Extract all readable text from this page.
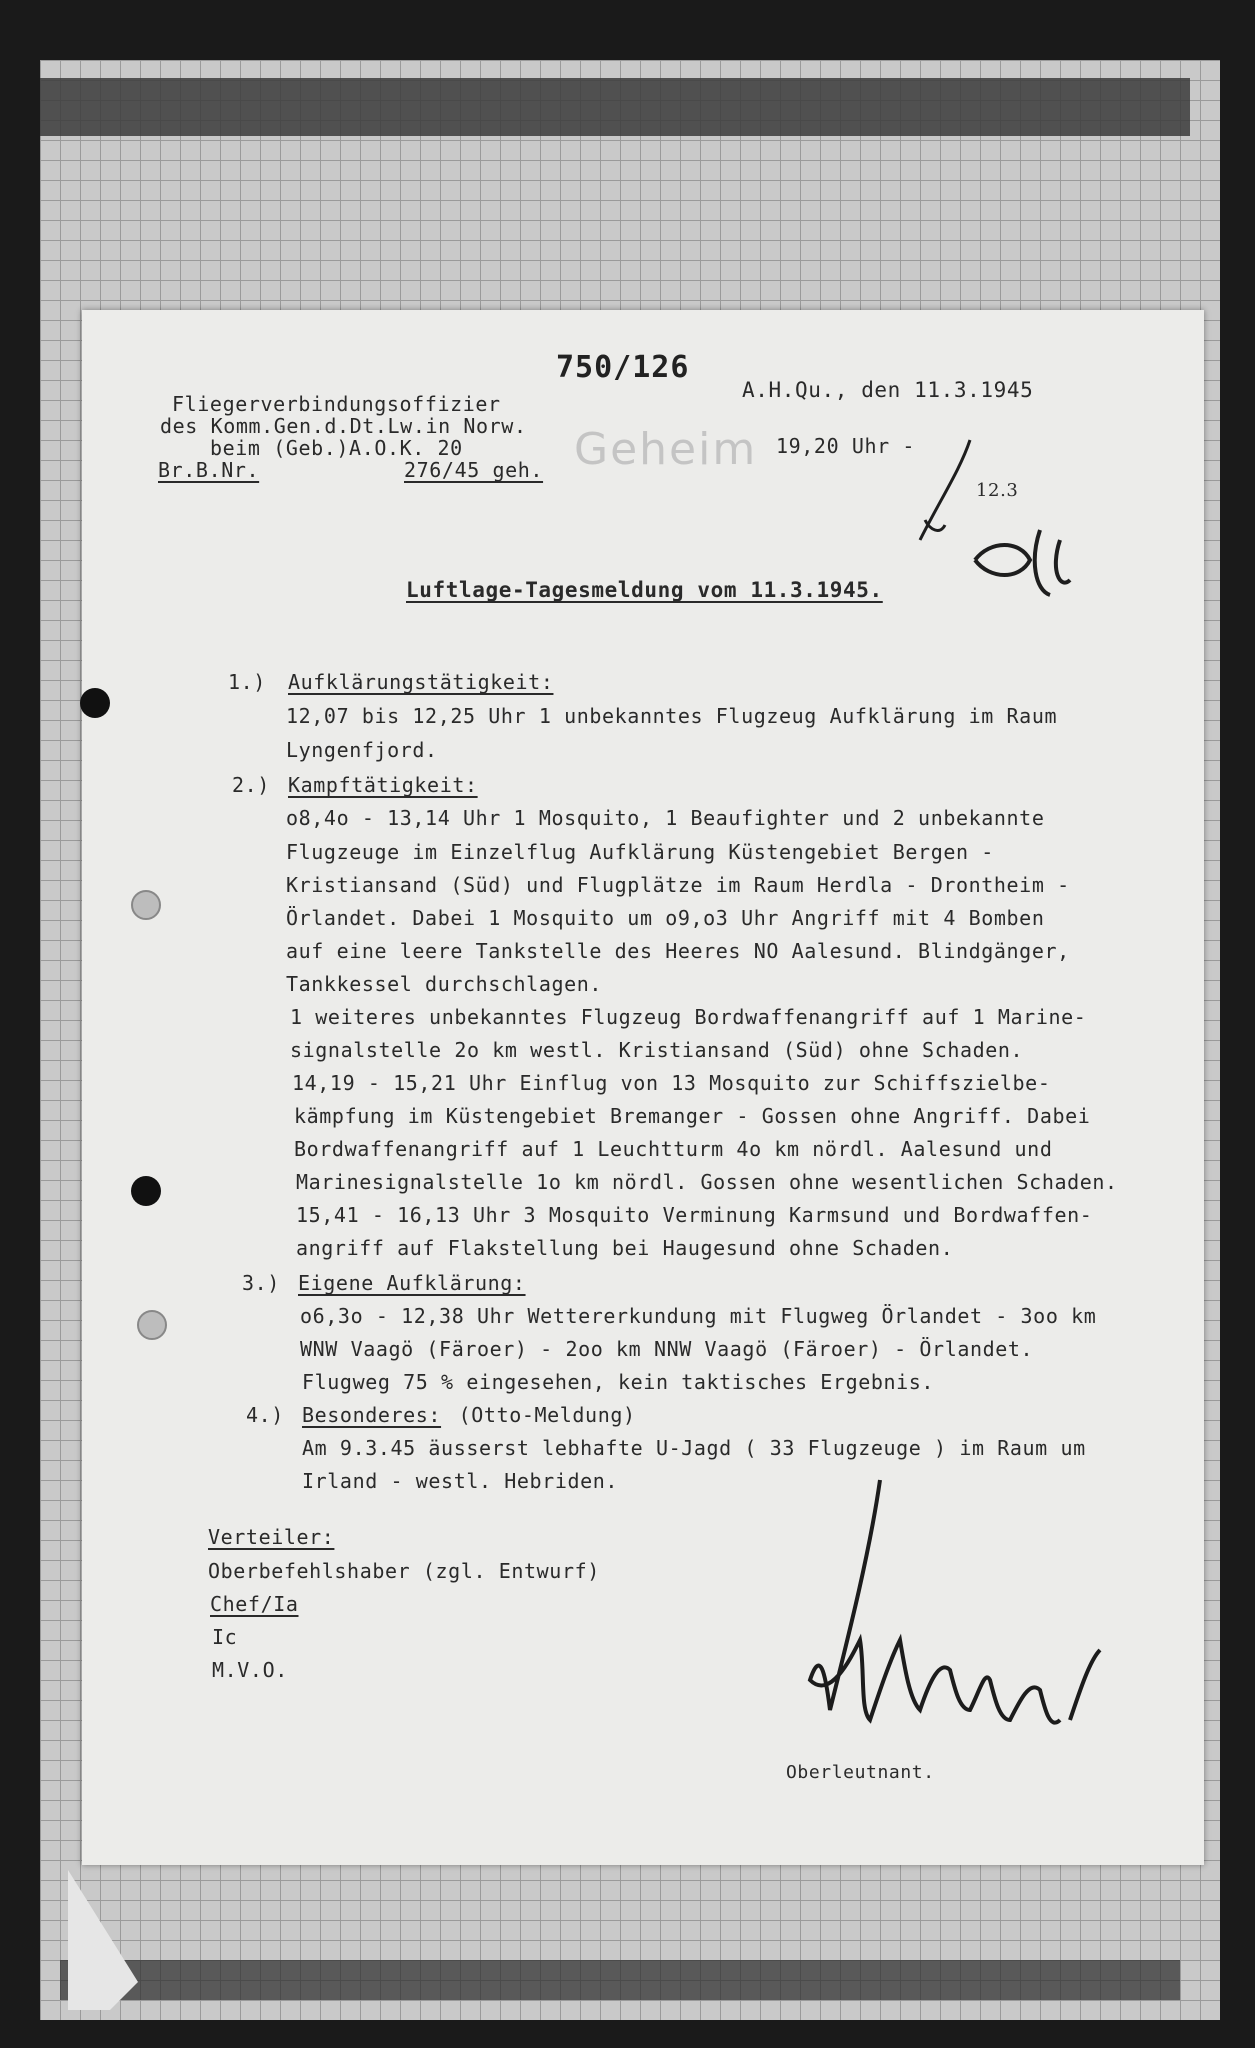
750/126
Fliegerverbindungsoffizier
des Komm.Gen.d.Dt.Lw.in Norw.
beim (Geb.)A.O.K. 20
Br.B.Nr.	276/45 geh.
A.H.Qu., den 11.3.1945
Geheim 19,20 Uhr -
12.3
Luftlage-Tagesmeldung vom 11.3.1945.
1.) Aufklärungstätigkeit:
12,07 bis 12,25 Uhr 1 unbekanntes Flugzeug Aufklärung im Raum
Lyngenfjord.
2.) Kampftätigkeit:
o8,4o - 13,14 Uhr 1 Mosquito, 1 Beaufighter und 2 unbekannte
Flugzeuge im Einzelflug Aufklärung Küstengebiet Bergen -
Kristiansand (Süd) und Flugplätze im Raum Herdla - Drontheim -
Örlandet. Dabei 1 Mosquito um o9,o3 Uhr Angriff mit 4 Bomben
auf eine leere Tankstelle des Heeres NO Aalesund. Blindgänger,
Tankkessel durchschlagen.
1 weiteres unbekanntes Flugzeug Bordwaffenangriff auf 1 Marine-
signalstelle 2o km westl. Kristiansand (Süd) ohne Schaden.
14,19 - 15,21 Uhr Einflug von 13 Mosquito zur Schiffszielbe-
kämpfung im Küstengebiet Bremanger - Gossen ohne Angriff. Dabei
Bordwaffenangriff auf 1 Leuchtturm 4o km nördl. Aalesund und
Marinesignalstelle 1o km nördl. Gossen ohne wesentlichen Schaden.
15,41 - 16,13 Uhr 3 Mosquito Verminung Karmsund und Bordwaffen-
angriff auf Flakstellung bei Haugesund ohne Schaden.
3.) Eigene Aufklärung:
o6,3o - 12,38 Uhr Wettererkundung mit Flugweg Örlandet - 3oo km
WNW Vaagö (Färoer) - 2oo km NNW Vaagö (Färoer) - Örlandet.
Flugweg 75 % eingesehen, kein taktisches Ergebnis.
4.) Besonderes: (Otto-Meldung)
Am 9.3.45 äusserst lebhafte U-Jagd ( 33 Flugzeuge ) im Raum um
Irland - westl. Hebriden.
Verteiler:
Oberbefehlshaber (zgl. Entwurf)
Chef/Ia
Ic
M.V.O.
Oberleutnant.
